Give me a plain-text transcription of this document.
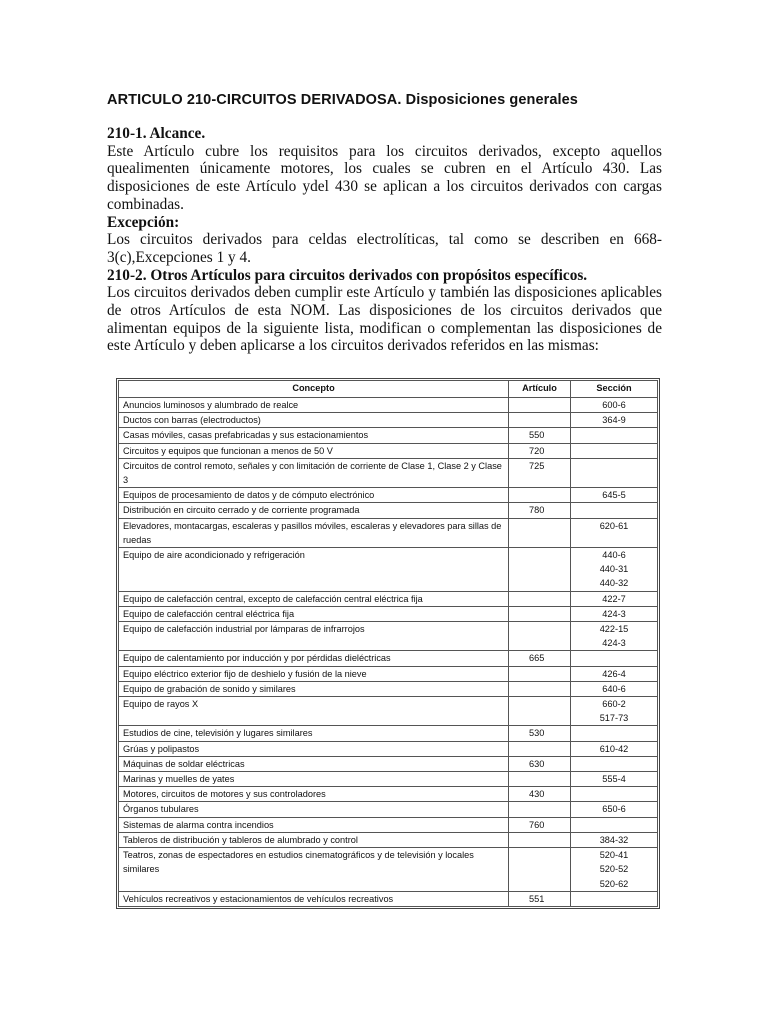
ARTICULO 210-CIRCUITOS DERIVADOSA. Disposiciones generales

210-1. Alcance.

Este Artículo cubre los requisitos para los circuitos derivados, excepto aquellos quealimenten únicamente motores, los cuales se cubren en el Artículo 430. Las disposiciones de este Artículo ydel 430 se aplican a los circuitos derivados con cargas combinadas.

Excepción:

Los circuitos derivados para celdas electrolíticas, tal como se describen en 668-3(c),Excepciones 1 y 4.

210-2. Otros Artículos para circuitos derivados con propósitos específicos.

Los circuitos derivados deben cumplir este Artículo y también las disposiciones aplicables de otros Artículos de esta NOM. Las disposiciones de los circuitos derivados que alimentan equipos de la siguiente lista, modifican o complementan las disposiciones de este Artículo y deben aplicarse a los circuitos derivados referidos en las mismas:

Concepto	Artículo	Sección
Anuncios luminosos y alumbrado de realce		600-6

Ductos con barras (electroductos)		364-9

Casas móviles, casas prefabricadas y sus estacionamientos	550	
Circuitos y equipos que funcionan a menos de 50 V	720	
Circuitos de control remoto, señales y con limitación de corriente de Clase 1, Clase 2 y Clase 3	725	
Equipos de procesamiento de datos y de cómputo electrónico		645-5

Distribución en circuito cerrado y de corriente programada	780	
Elevadores, montacargas, escaleras y pasillos móviles, escaleras y elevadores para sillas de ruedas		620-61

Equipo de aire acondicionado y refrigeración		440-6
440-31
440-32

Equipo de calefacción central, excepto de calefacción central eléctrica fija		422-7

Equipo de calefacción central eléctrica fija		424-3

Equipo de calefacción industrial por lámparas de infrarrojos		422-15
424-3

Equipo de calentamiento por inducción y por pérdidas dieléctricas	665	
Equipo eléctrico exterior fijo de deshielo y fusión de la nieve		426-4

Equipo de grabación de sonido y similares		640-6

Equipo de rayos X		660-2
517-73

Estudios de cine, televisión y lugares similares	530	
Grúas y polipastos		610-42

Máquinas de soldar eléctricas	630	
Marinas y muelles de yates		555-4

Motores, circuitos de motores y sus controladores	430	
Órganos tubulares		650-6

Sistemas de alarma contra incendios	760	
Tableros de distribución y tableros de alumbrado y control		384-32

Teatros, zonas de espectadores en estudios cinematográficos y de televisión y locales similares		520-41
520-52
520-62

Vehículos recreativos y estacionamientos de vehículos recreativos	551	
